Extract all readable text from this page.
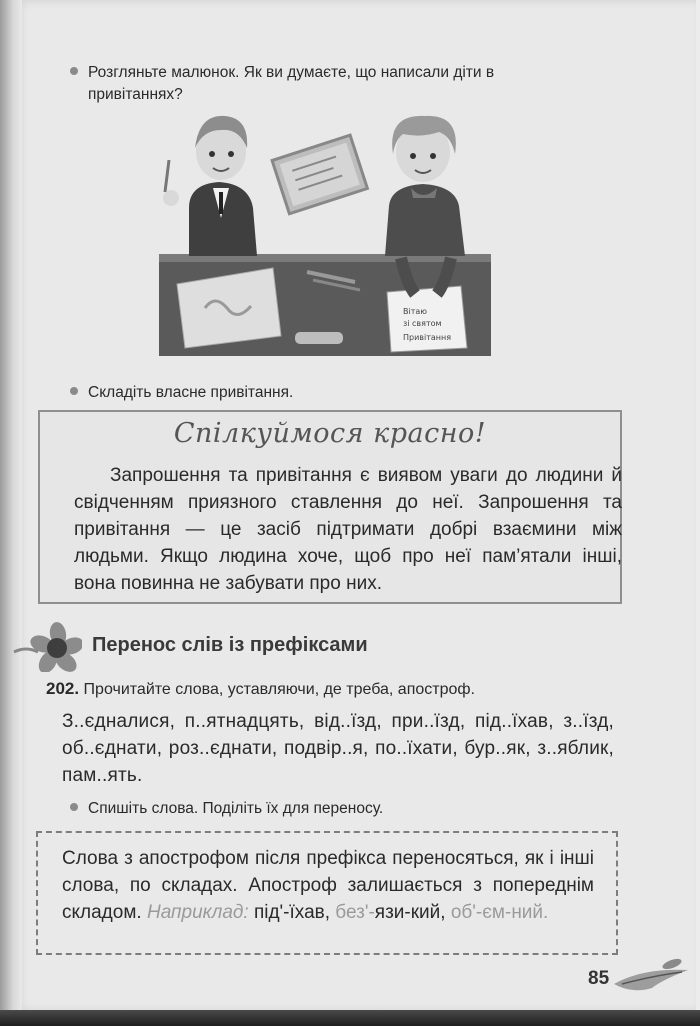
Розгляньте малюнок. Як ви думаєте, що написали діти в
привітаннях?
Вітаю
зі святом
Привітання
Складіть власне привітання.
Спілкуймося красно!

Запрошення та привітання є виявом уваги до людини й свідченням приязного ставлення до неї. Запрошення та привітання — це засіб підтримати добрі взаємини між людьми. Якщо людина хоче, щоб про неї пам’ятали інші, вона повинна не забувати про них.

Перенос слів із префіксами
202. Прочитайте слова, уставляючи, де треба, апостроф.
З..єдналися, п..ятнадцять, від..їзд, при..їзд, під..їхав, з..їзд, об..єднати, роз..єднати, подвір..я, по..їхати, бур..як, з..яблик, пам..ять.
Спишіть слова. Поділіть їх для переносу.
Слова з апострофом після префікса переносяться, як і інші слова, по складах. Апостроф залишається з попереднім складом. Наприклад: під'-їхав, без'-язи-кий, об'-єм-ний.
85
